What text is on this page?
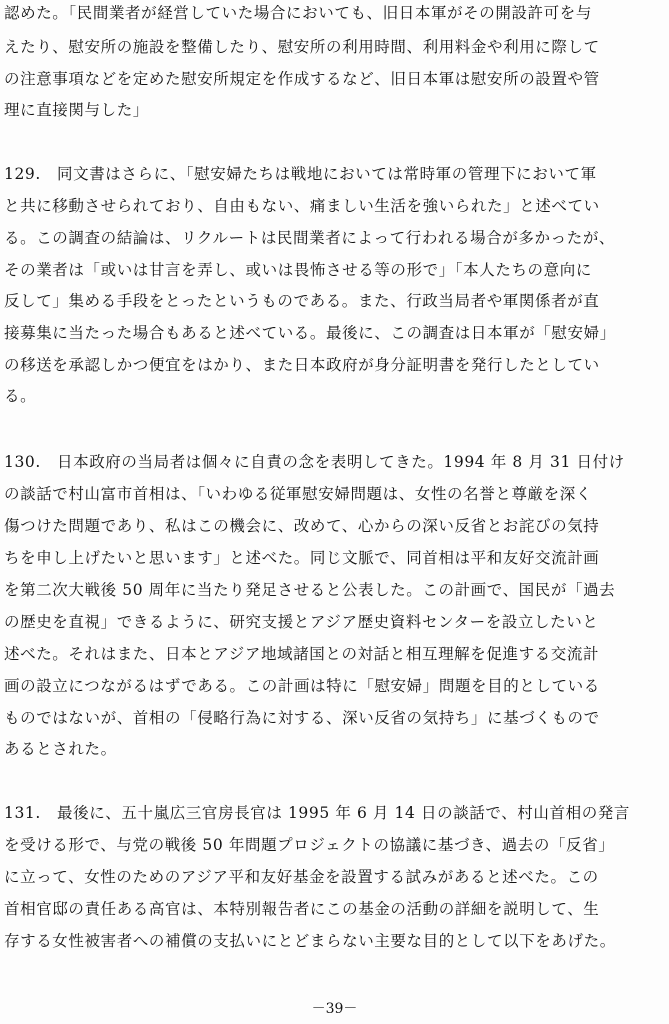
認めた。「民間業者が経営していた場合においても、旧日本軍がその開設許可を与
えたり、慰安所の施設を整備したり、慰安所の利用時間、利用料金や利用に際して
の注意事項などを定めた慰安所規定を作成するなど、旧日本軍は慰安所の設置や管
理に直接関与した」
129.　同文書はさらに、「慰安婦たちは戦地においては常時軍の管理下において軍
と共に移動させられており、自由もない、痛ましい生活を強いられた」と述べてい
る。この調査の結論は、リクルートは民間業者によって行われる場合が多かったが、
その業者は「或いは甘言を弄し、或いは畏怖させる等の形で」「本人たちの意向に
反して」集める手段をとったというものである。また、行政当局者や軍関係者が直
接募集に当たった場合もあると述べている。最後に、この調査は日本軍が「慰安婦」
の移送を承認しかつ便宜をはかり、また日本政府が身分証明書を発行したとしてい
る。
130.　日本政府の当局者は個々に自責の念を表明してきた。1994 年 8 月 31 日付け
の談話で村山富市首相は、「いわゆる従軍慰安婦問題は、女性の名誉と尊厳を深く
傷つけた問題であり、私はこの機会に、改めて、心からの深い反省とお詫びの気持
ちを申し上げたいと思います」と述べた。同じ文脈で、同首相は平和友好交流計画
を第二次大戦後 50 周年に当たり発足させると公表した。この計画で、国民が「過去
の歴史を直視」できるように、研究支援とアジア歴史資料センターを設立したいと
述べた。それはまた、日本とアジア地域諸国との対話と相互理解を促進する交流計
画の設立につながるはずである。この計画は特に「慰安婦」問題を目的としている
ものではないが、首相の「侵略行為に対する、深い反省の気持ち」に基づくもので
あるとされた。
131.　最後に、五十嵐広三官房長官は 1995 年 6 月 14 日の談話で、村山首相の発言
を受ける形で、与党の戦後 50 年問題プロジェクトの協議に基づき、過去の「反省」
に立って、女性のためのアジア平和友好基金を設置する試みがあると述べた。この
首相官邸の責任ある高官は、本特別報告者にこの基金の活動の詳細を説明して、生
存する女性被害者への補償の支払いにとどまらない主要な目的として以下をあげた。
－39－
